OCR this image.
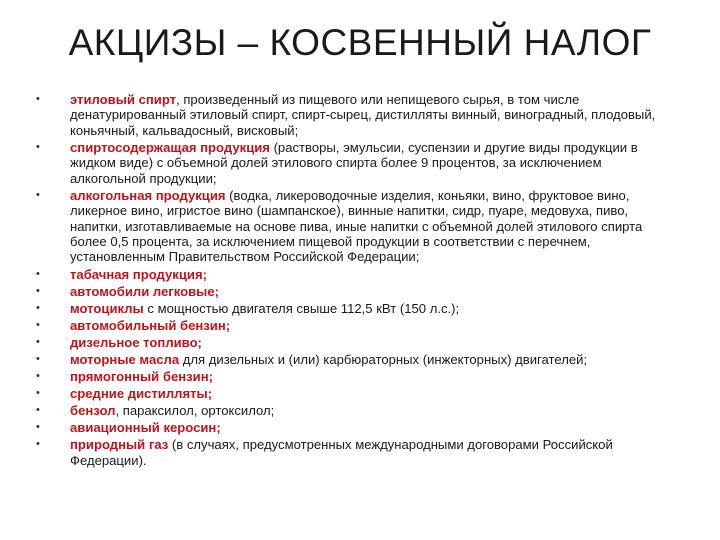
АКЦИЗЫ – КОСВЕННЫЙ НАЛОГ
•	этиловый спирт, произведенный из пищевого или непищевого сырья, в том числе денатурированный этиловый спирт, спирт-сырец, дистилляты винный, виноградный, плодовый, коньячный, кальвадосный, висковый;
•	спиртосодержащая продукция (растворы, эмульсии, суспензии и другие виды продукции в жидком виде) с объемной долей этилового спирта более 9 процентов, за исключением алкогольной продукции;
•	алкогольная продукция (водка, ликероводочные изделия, коньяки, вино, фруктовое вино, ликерное вино, игристое вино (шампанское), винные напитки, сидр, пуаре, медовуха, пиво, напитки, изготавливаемые на основе пива, иные напитки с объемной долей этилового спирта более 0,5 процента, за исключением пищевой продукции в соответствии с перечнем, установленным Правительством Российской Федерации;
•	табачная продукция;
•	автомобили легковые;
•	мотоциклы с мощностью двигателя свыше 112,5 кВт (150 л.с.);
•	автомобильный бензин;
•	дизельное топливо;
•	моторные масла для дизельных и (или) карбюраторных (инжекторных) двигателей;
•	прямогонный бензин;
•	средние дистилляты;
•	бензол, параксилол, ортоксилол;
•	авиационный керосин;
•	природный газ (в случаях, предусмотренных международными договорами Российской Федерации).
